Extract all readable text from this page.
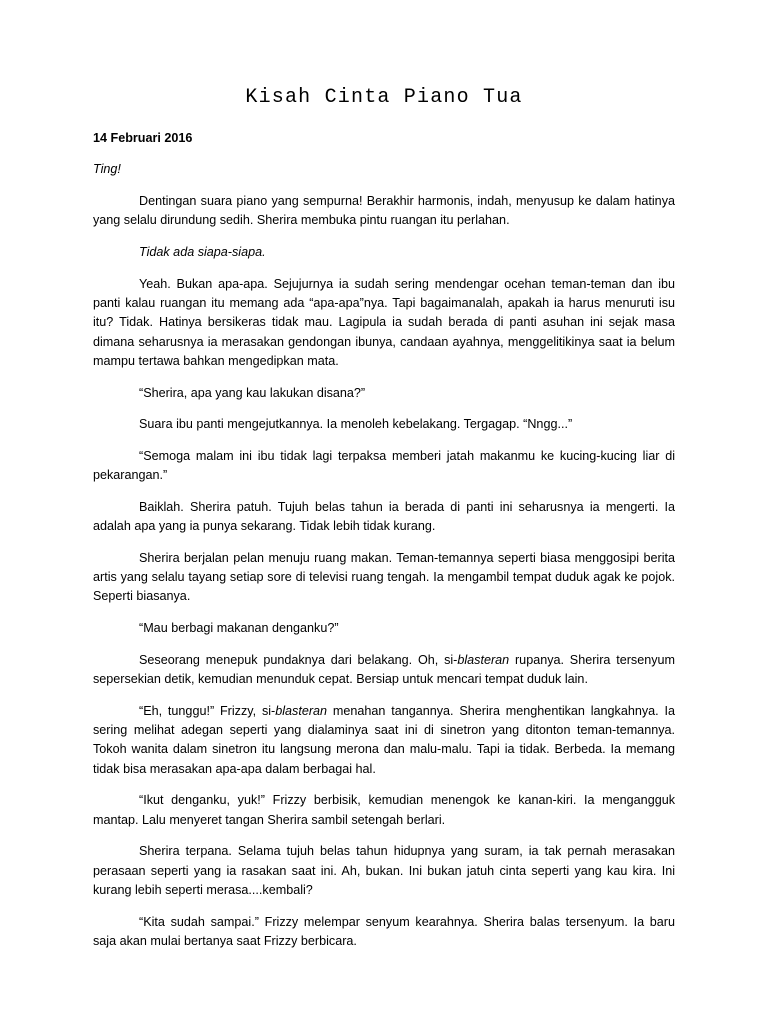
Kisah Cinta Piano Tua
14 Februari 2016

Ting!

Dentingan suara piano yang sempurna! Berakhir harmonis, indah, menyusup ke dalam hatinya yang selalu dirundung sedih. Sherira membuka pintu ruangan itu perlahan.

Tidak ada siapa-siapa.

Yeah. Bukan apa-apa. Sejujurnya ia sudah sering mendengar ocehan teman-teman dan ibu panti kalau ruangan itu memang ada “apa-apa”nya. Tapi bagaimanalah, apakah ia harus menuruti isu itu? Tidak. Hatinya bersikeras tidak mau. Lagipula ia sudah berada di panti asuhan ini sejak masa dimana seharusnya ia merasakan gendongan ibunya, candaan ayahnya, menggelitikinya saat ia belum mampu tertawa bahkan mengedipkan mata.

“Sherira, apa yang kau lakukan disana?”

Suara ibu panti mengejutkannya. Ia menoleh kebelakang. Tergagap. “Nngg...”

“Semoga malam ini ibu tidak lagi terpaksa memberi jatah makanmu ke kucing-kucing liar di pekarangan.”

Baiklah. Sherira patuh. Tujuh belas tahun ia berada di panti ini seharusnya ia mengerti. Ia adalah apa yang ia punya sekarang. Tidak lebih tidak kurang.

Sherira berjalan pelan menuju ruang makan. Teman-temannya seperti biasa menggosipi berita artis yang selalu tayang setiap sore di televisi ruang tengah. Ia mengambil tempat duduk agak ke pojok. Seperti biasanya.

“Mau berbagi makanan denganku?”

Seseorang menepuk pundaknya dari belakang. Oh, si-blasteran rupanya. Sherira tersenyum sepersekian detik, kemudian menunduk cepat. Bersiap untuk mencari tempat duduk lain.

“Eh, tunggu!” Frizzy, si-blasteran menahan tangannya. Sherira menghentikan langkahnya. Ia sering melihat adegan seperti yang dialaminya saat ini di sinetron yang ditonton teman-temannya. Tokoh wanita dalam sinetron itu langsung merona dan malu-malu. Tapi ia tidak. Berbeda. Ia memang tidak bisa merasakan apa-apa dalam berbagai hal.

“Ikut denganku, yuk!” Frizzy berbisik, kemudian menengok ke kanan-kiri. Ia mengangguk mantap. Lalu menyeret tangan Sherira sambil setengah berlari.

Sherira terpana. Selama tujuh belas tahun hidupnya yang suram, ia tak pernah merasakan perasaan seperti yang ia rasakan saat ini. Ah, bukan. Ini bukan jatuh cinta seperti yang kau kira. Ini kurang lebih seperti merasa....kembali?

“Kita sudah sampai.” Frizzy melempar senyum kearahnya. Sherira balas tersenyum. Ia baru saja akan mulai bertanya saat Frizzy berbicara.
